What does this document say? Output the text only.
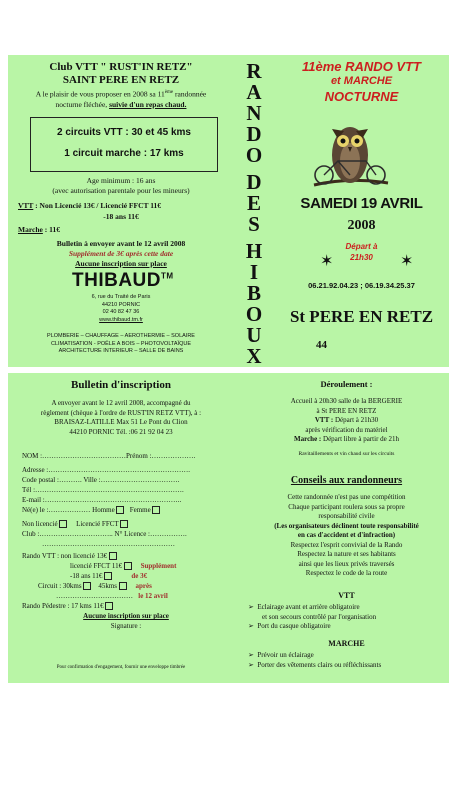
Club VTT " RUST'IN RETZ"
SAINT PERE EN RETZ
A le plaisir de vous proposer en 2008 sa 11ème randonnée
nocturne fléchée, suivie d'un repas chaud.
2 circuits VTT : 30 et 45 kms
1 circuit marche : 17 kms
Age minimum : 16 ans
(avec autorisation parentale pour les mineurs)
VTT : Non Licencié 13€ / Licencié FFCT 11€
-18 ans 11€
Marche : 11€
Bulletin à envoyer avant le 12 avril 2008
Supplément de 3€ après cette date
Aucune inscription sur place
THIBAUD™
6, rue du Traité de Paris
44210 PORNIC
02 40 82 47 36
www.thibaud.tm.fr
PLOMBERIE – CHAUFFAGE – AEROTHERMIE – SOLAIRE
CLIMATISATION - POÊLE A BOIS – PHOTOVOLTAÏQUE
ARCHITECTURE INTERIEUR – SALLE DE BAINS
R
A
N
D
O
D
E
S
H
I
B
O
U
X
11ème RANDO VTT
et MARCHE
NOCTURNE
SAMEDI 19 AVRIL
2008
✶	✶
Départ à
21h30
06.21.92.04.23 ; 06.19.34.25.37
St PERE EN RETZ
44
Bulletin d'inscription
A envoyer avant le 12 avril 2008, accompagné du
règlement (chèque à l'ordre de RUST'IN RETZ VTT), à :
BRAISAZ-LATILLE Max 51 Le Pont du Clion
44210 PORNIC Tél. :06 21 92 04 23
NOM :………………………………Prénom :……………….
Adresse :…………………………………………………….
Code postal :………. Ville :…………………………….
Tél :……………………………………………………….
E-mail :…………………………………………………..
Né(e) le :……………… Homme Femme
Non licencié	Licencié FFCT
Club :………………………….. N° Licence :…………….
…………………………………………………
Rando VTT : non licencié 13€
licencié FFCT 11€	Supplément
-18 ans 11€	de 3€
Circuit : 30kms 45kms	après
…………………………… le 12 avril
Rando Pédestre : 17 kms 11€
Aucune inscription sur place
Signature :
Pour confirmation d'engagement, fournir une enveloppe timbrée
Déroulement :
Accueil à 20h30 salle de la BERGERIE
à St PERE EN RETZ
VTT : Départ à 21h30
après vérification du matériel
Marche : Départ libre à partir de 21h
Ravitaillements et vin chaud sur les circuits
Conseils aux randonneurs
Cette randonnée n'est pas une compétition
Chaque participant roulera sous sa propre
responsabilité civile
(Les organisateurs déclinent toute responsabilité
en cas d'accident et d'infraction)
Respectez l'esprit convivial de la Rando
Respectez la nature et ses habitants
ainsi que les lieux privés traversés
Respectez le code de la route
VTT
➢ Eclairage avant et arrière obligatoire
et son secours contrôlé par l'organisation
➢ Port du casque obligatoire
MARCHE
➢ Prévoir un éclairage
➢ Porter des vêtements clairs ou réfléchissants
